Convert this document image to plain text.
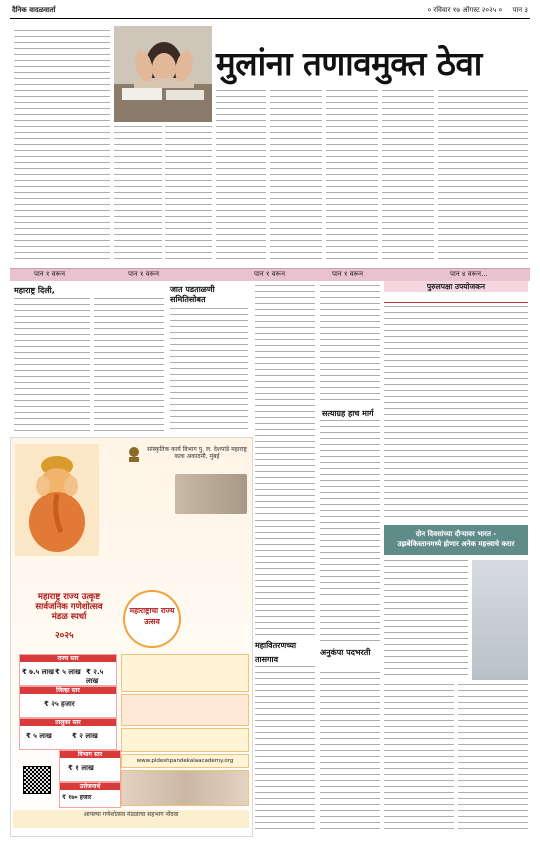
दैनिक वादळवार्ता	० रविवार १७ ऑगस्ट २०२५ ० पान ३
मुलांना तणावमुक्त ठेवा
पान १ वरून	पान १ वरून	पान १ वरून	पान १ वरून	पान ४ वरून...
महाराष्ट्र दिली,	जात पडताळणी समितिसोबत
पुरुलपक्षा उपयोजकन
सत्याग्रह हाच मार्ग
सांस्कृतिक कार्य विभाग पु. ल. देशपांडे महाराष्ट्र कला अकादमी, मुंबई
महाराष्ट्र राज्य उत्कृष्ट सार्वजनिक गणेशोत्सव मंडळ स्पर्धा
२०२५
महाराष्ट्राचा राज्य उत्सव
राज्य स्तर
₹ ७.५ लाख ₹ ५ लाख ₹ २.५ लाख
जिल्हा स्तर
₹ २५ हजार
तालुका स्तर
₹ ५ लाख	₹ २ लाख
विभाग स्तर
₹ १ लाख
उत्तेजनार्थ
₹ १७० हजार
www.pldeshpandekalaacademy.org
आपल्या गणेशोत्सव मंडळाचा सहभाग नोंदवा
महावितरणच्या
तासगाव
अनुकंपा पदभरती
दोन दिवसांच्या दौऱ्यावर भारत -
उझबेकिस्तानमध्ये होणार अनेक महत्त्वाचे करार
